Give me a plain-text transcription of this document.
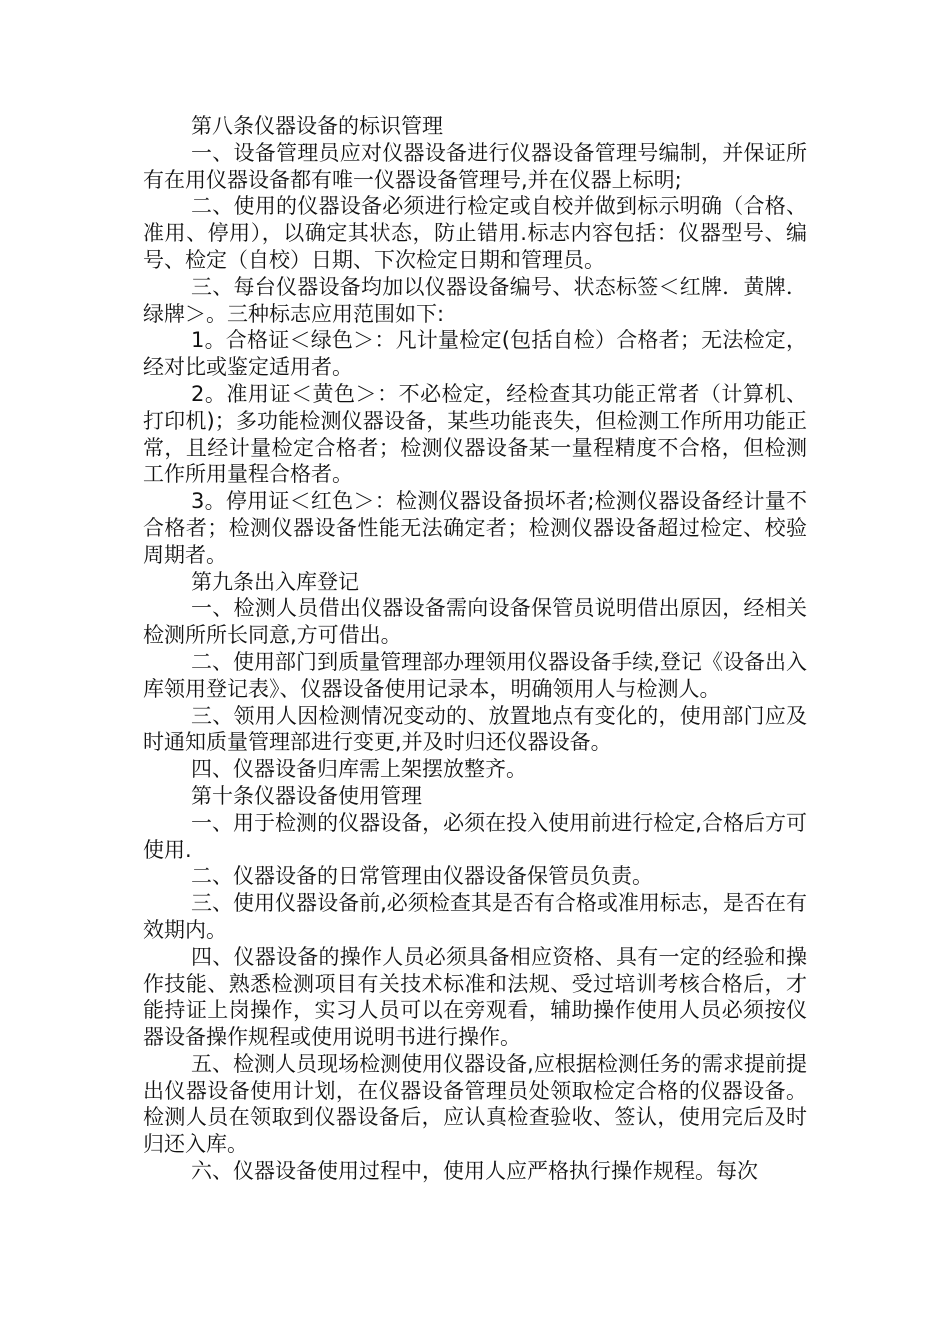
第八条仪器设备的标识管理

一、设备管理员应对仪器设备进行仪器设备管理号编制，并保证所有在用仪器设备都有唯一仪器设备管理号,并在仪器上标明;

二、使用的仪器设备必须进行检定或自校并做到标示明确（合格、准用、停用），以确定其状态，防止错用.标志内容包括：仪器型号、编号、检定（自校）日期、下次检定日期和管理员。

三、每台仪器设备均加以仪器设备编号、状态标签＜红牌．黄牌．绿牌＞。三种标志应用范围如下:

1。合格证＜绿色＞：凡计量检定(包括自检）合格者；无法检定，经对比或鉴定适用者。

2。准用证＜黄色＞：不必检定，经检查其功能正常者（计算机、打印机)；多功能检测仪器设备，某些功能丧失，但检测工作所用功能正常，且经计量检定合格者；检测仪器设备某一量程精度不合格，但检测工作所用量程合格者。

3。停用证＜红色＞：检测仪器设备损坏者;检测仪器设备经计量不合格者；检测仪器设备性能无法确定者；检测仪器设备超过检定、校验周期者。

第九条出入库登记

一、检测人员借出仪器设备需向设备保管员说明借出原因，经相关检测所所长同意,方可借出。

二、使用部门到质量管理部办理领用仪器设备手续,登记《设备出入库领用登记表》、仪器设备使用记录本，明确领用人与检测人。

三、领用人因检测情况变动的、放置地点有变化的，使用部门应及时通知质量管理部进行变更,并及时归还仪器设备。

四、仪器设备归库需上架摆放整齐。

第十条仪器设备使用管理

一、用于检测的仪器设备，必须在投入使用前进行检定,合格后方可使用.

二、仪器设备的日常管理由仪器设备保管员负责。

三、使用仪器设备前,必须检查其是否有合格或准用标志，是否在有效期内。

四、仪器设备的操作人员必须具备相应资格、具有一定的经验和操作技能、熟悉检测项目有关技术标准和法规、受过培训考核合格后，才能持证上岗操作，实习人员可以在旁观看，辅助操作使用人员必须按仪器设备操作规程或使用说明书进行操作。

五、检测人员现场检测使用仪器设备,应根据检测任务的需求提前提出仪器设备使用计划，在仪器设备管理员处领取检定合格的仪器设备。检测人员在领取到仪器设备后，应认真检查验收、签认，使用完后及时归还入库。

六、仪器设备使用过程中，使用人应严格执行操作规程。每次
